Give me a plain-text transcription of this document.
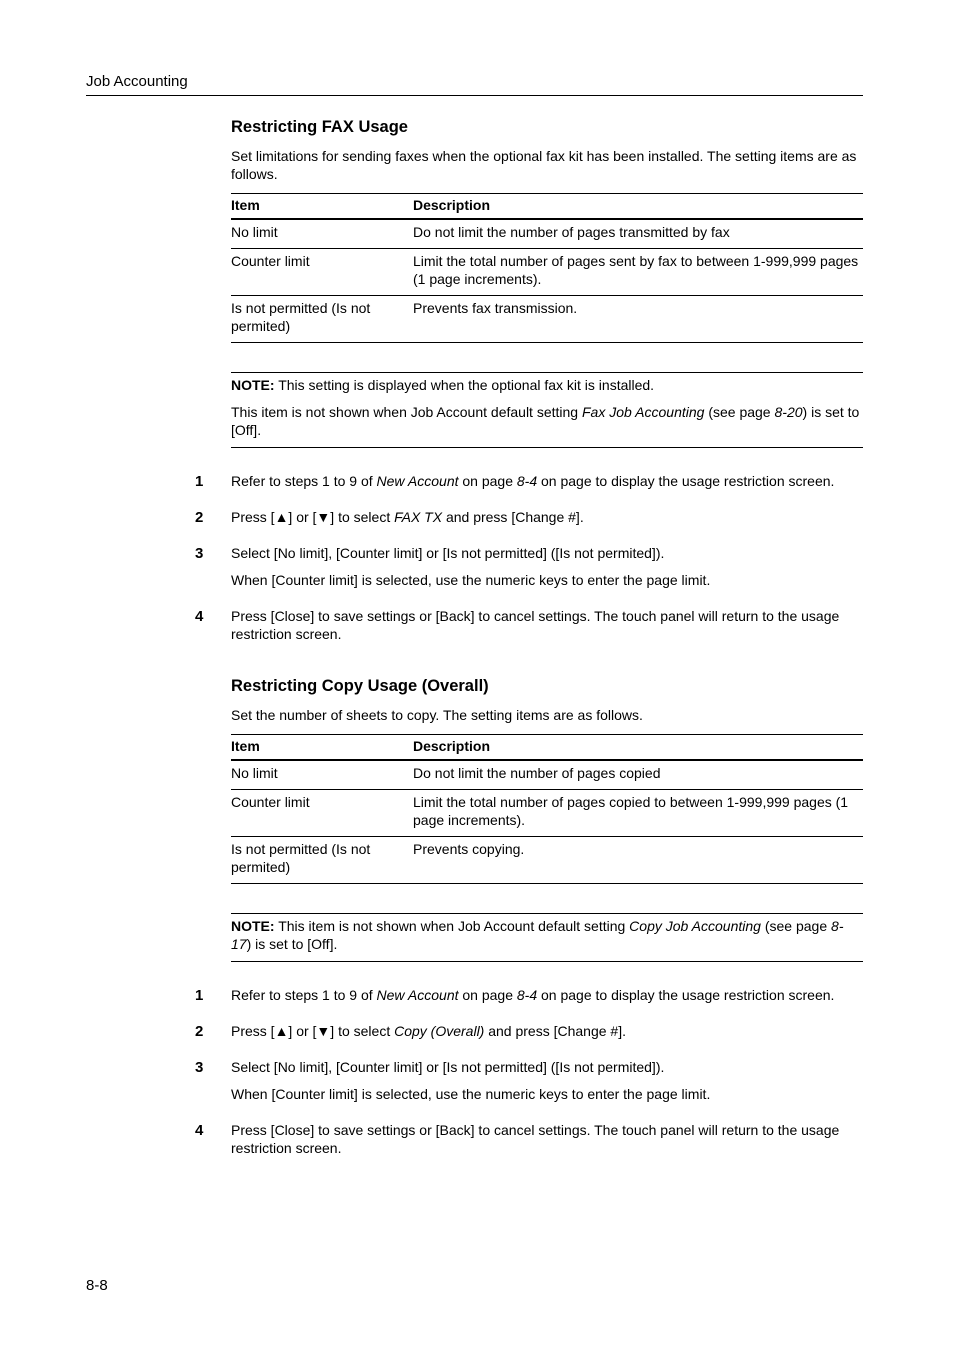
Job Accounting
Restricting FAX Usage

Set limitations for sending faxes when the optional fax kit has been installed. The setting items are as follows.

Item	Description
No limit	Do not limit the number of pages transmitted by fax
Counter limit	Limit the total number of pages sent by fax to between 1-999,999 pages (1 page increments).
Is not permitted (Is not permited)	Prevents fax transmission.

NOTE: This setting is displayed when the optional fax kit is installed.

This item is not shown when Job Account default setting Fax Job Accounting (see page 8-20) is set to [Off].

1 Refer to steps 1 to 9 of New Account on page 8-4 on page to display the usage restriction screen.

2 Press [▲] or [▼] to select FAX TX and press [Change #].

3 Select [No limit], [Counter limit] or [Is not permitted] ([Is not permited]).

When [Counter limit] is selected, use the numeric keys to enter the page limit.

4 Press [Close] to save settings or [Back] to cancel settings. The touch panel will return to the usage restriction screen.

Restricting Copy Usage (Overall)

Set the number of sheets to copy. The setting items are as follows.

Item	Description
No limit	Do not limit the number of pages copied
Counter limit	Limit the total number of pages copied to between 1-999,999 pages (1 page increments).
Is not permitted (Is not permited)	Prevents copying.

NOTE: This item is not shown when Job Account default setting Copy Job Accounting (see page 8-17) is set to [Off].

1 Refer to steps 1 to 9 of New Account on page 8-4 on page to display the usage restriction screen.

2 Press [▲] or [▼] to select Copy (Overall) and press [Change #].

3 Select [No limit], [Counter limit] or [Is not permitted] ([Is not permited]).

When [Counter limit] is selected, use the numeric keys to enter the page limit.

4 Press [Close] to save settings or [Back] to cancel settings. The touch panel will return to the usage restriction screen.

8-8
